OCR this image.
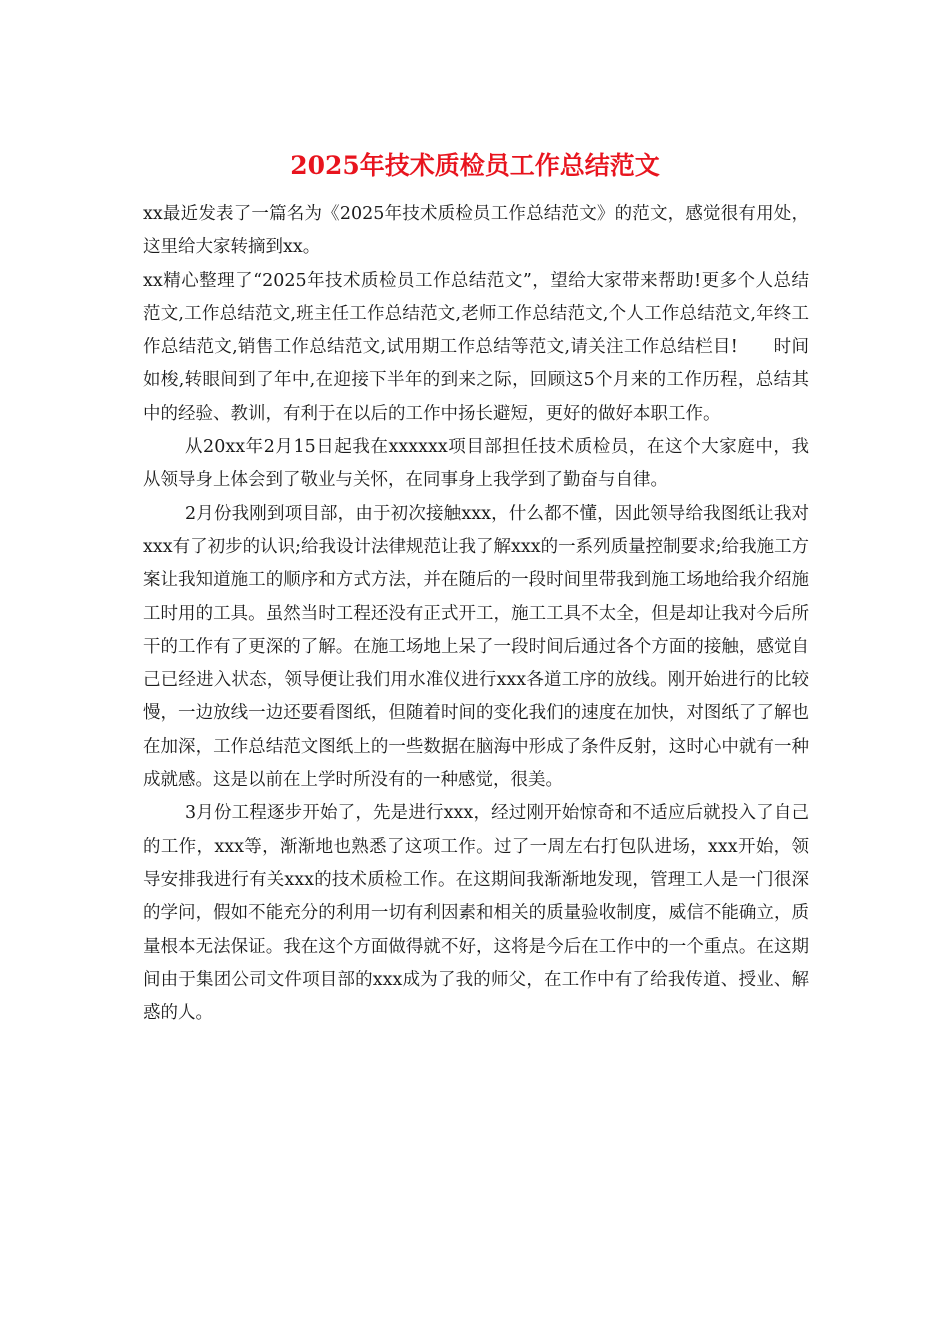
2025年技术质检员工作总结范文

xx最近发表了一篇名为《2025年技术质检员工作总结范文》的范文，感觉很有用处，这里给大家转摘到xx。

xx精心整理了“2025年技术质检员工作总结范文”，望给大家带来帮助!更多个人总结范文,工作总结范文,班主任工作总结范文,老师工作总结范文,个人工作总结范文,年终工作总结范文,销售工作总结范文,试用期工作总结等范文,请关注工作总结栏目!　　时间如梭,转眼间到了年中,在迎接下半年的到来之际，回顾这5个月来的工作历程，总结其中的经验、教训，有利于在以后的工作中扬长避短，更好的做好本职工作。

从20xx年2月15日起我在xxxxxx项目部担任技术质检员，在这个大家庭中，我从领导身上体会到了敬业与关怀，在同事身上我学到了勤奋与自律。

2月份我刚到项目部，由于初次接触xxx，什么都不懂，因此领导给我图纸让我对xxx有了初步的认识;给我设计法律规范让我了解xxx的一系列质量控制要求;给我施工方案让我知道施工的顺序和方式方法，并在随后的一段时间里带我到施工场地给我介绍施工时用的工具。虽然当时工程还没有正式开工，施工工具不太全，但是却让我对今后所干的工作有了更深的了解。在施工场地上呆了一段时间后通过各个方面的接触，感觉自己已经进入状态，领导便让我们用水准仪进行xxx各道工序的放线。刚开始进行的比较慢，一边放线一边还要看图纸，但随着时间的变化我们的速度在加快，对图纸了了解也在加深，工作总结范文图纸上的一些数据在脑海中形成了条件反射，这时心中就有一种成就感。这是以前在上学时所没有的一种感觉，很美。

3月份工程逐步开始了，先是进行xxx，经过刚开始惊奇和不适应后就投入了自己的工作，xxx等，渐渐地也熟悉了这项工作。过了一周左右打包队进场，xxx开始，领导安排我进行有关xxx的技术质检工作。在这期间我渐渐地发现，管理工人是一门很深的学问，假如不能充分的利用一切有利因素和相关的质量验收制度，威信不能确立，质量根本无法保证。我在这个方面做得就不好，这将是今后在工作中的一个重点。在这期间由于集团公司文件项目部的xxx成为了我的师父，在工作中有了给我传道、授业、解惑的人。
